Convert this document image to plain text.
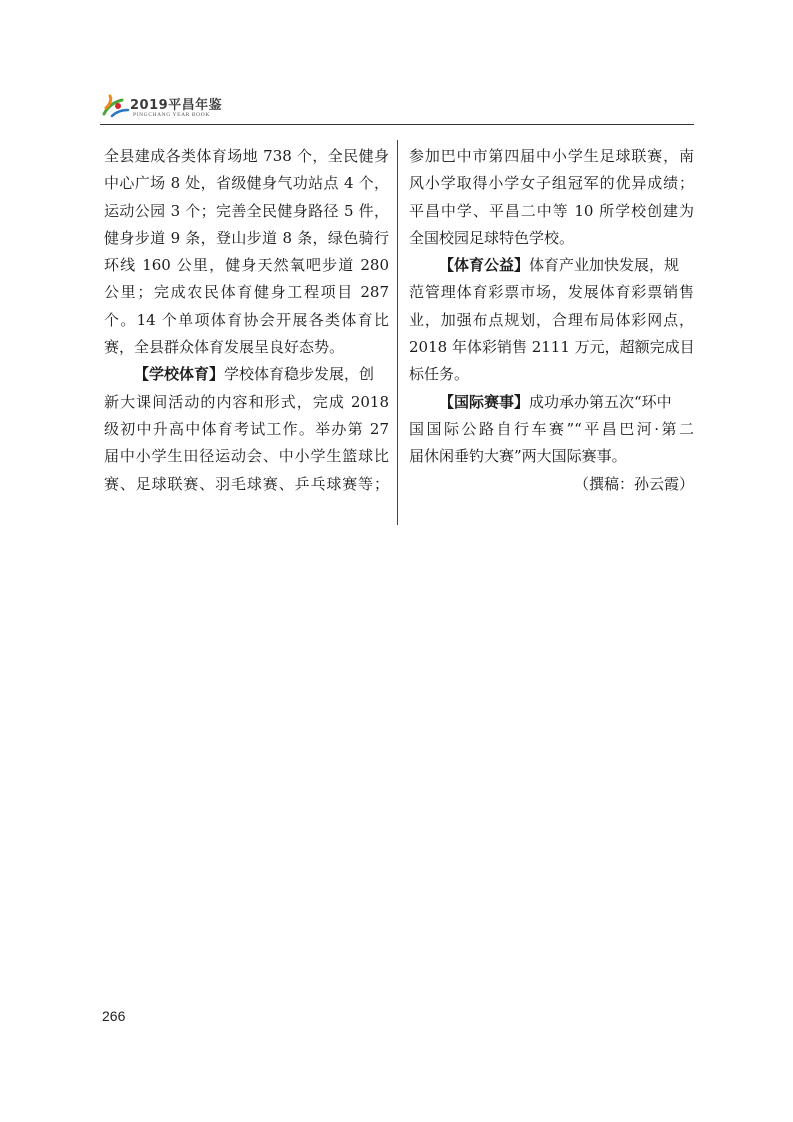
2019平昌年鉴
PINGCHANG YEAR BOOK
全县建成各类体育场地 738 个，全民健身
中心广场 8 处，省级健身气功站点 4 个，
运动公园 3 个；完善全民健身路径 5 件，
健身步道 9 条，登山步道 8 条，绿色骑行
环线 160 公里，健身天然氧吧步道 280
公里；完成农民体育健身工程项目 287
个。14 个单项体育协会开展各类体育比
赛，全县群众体育发展呈良好态势。
【学校体育】学校体育稳步发展，创
新大课间活动的内容和形式，完成 2018
级初中升高中体育考试工作。举办第 27
届中小学生田径运动会、中小学生篮球比
赛、足球联赛、羽毛球赛、乒乓球赛等；
参加巴中市第四届中小学生足球联赛，南
风小学取得小学女子组冠军的优异成绩；
平昌中学、平昌二中等 10 所学校创建为
全国校园足球特色学校。
【体育公益】体育产业加快发展，规
范管理体育彩票市场，发展体育彩票销售
业，加强布点规划，合理布局体彩网点，
2018 年体彩销售 2111 万元，超额完成目
标任务。
【国际赛事】成功承办第五次“环中
国国际公路自行车赛”“平昌巴河·第二
届休闲垂钓大赛”两大国际赛事。
（撰稿：孙云霞）
266
